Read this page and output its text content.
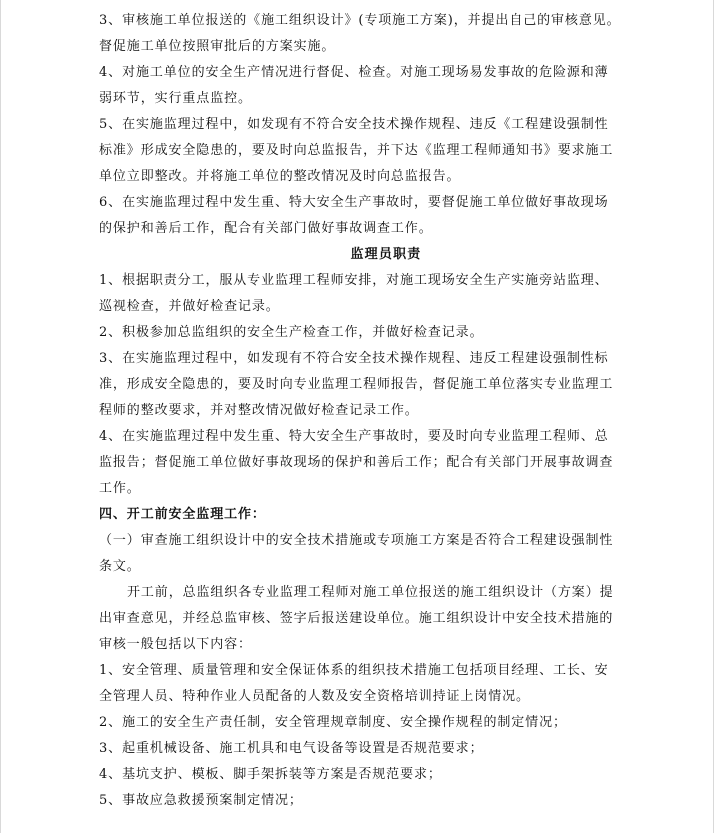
3、审核施工单位报送的《施工组织设计》(专项施工方案)，并提出自己的审核意见。
督促施工单位按照审批后的方案实施。
4、对施工单位的安全生产情况进行督促、检查。对施工现场易发事故的危险源和薄
弱环节，实行重点监控。
5、在实施监理过程中，如发现有不符合安全技术操作规程、违反《工程建设强制性
标准》形成安全隐患的，要及时向总监报告，并下达《监理工程师通知书》要求施工
单位立即整改。并将施工单位的整改情况及时向总监报告。
6、在实施监理过程中发生重、特大安全生产事故时，要督促施工单位做好事故现场
的保护和善后工作，配合有关部门做好事故调查工作。
监理员职责
1、根据职责分工，服从专业监理工程师安排，对施工现场安全生产实施旁站监理、
巡视检查，并做好检查记录。
2、积极参加总监组织的安全生产检查工作，并做好检查记录。
3、在实施监理过程中，如发现有不符合安全技术操作规程、违反工程建设强制性标
准，形成安全隐患的，要及时向专业监理工程师报告，督促施工单位落实专业监理工
程师的整改要求，并对整改情况做好检查记录工作。
4、在实施监理过程中发生重、特大安全生产事故时，要及时向专业监理工程师、总
监报告；督促施工单位做好事故现场的保护和善后工作；配合有关部门开展事故调查
工作。
四、开工前安全监理工作：
（一）审查施工组织设计中的安全技术措施或专项施工方案是否符合工程建设强制性
条文。
开工前，总监组织各专业监理工程师对施工单位报送的施工组织设计（方案）提
出审查意见，并经总监审核、签字后报送建设单位。施工组织设计中安全技术措施的
审核一般包括以下内容：
1、安全管理、质量管理和安全保证体系的组织技术措施工包括项目经理、工长、安
全管理人员、特种作业人员配备的人数及安全资格培训持证上岗情况。
2、施工的安全生产责任制，安全管理规章制度、安全操作规程的制定情况；
3、起重机械设备、施工机具和电气设备等设置是否规范要求；
4、基坑支护、模板、脚手架拆装等方案是否规范要求；
5、事故应急救援预案制定情况；
